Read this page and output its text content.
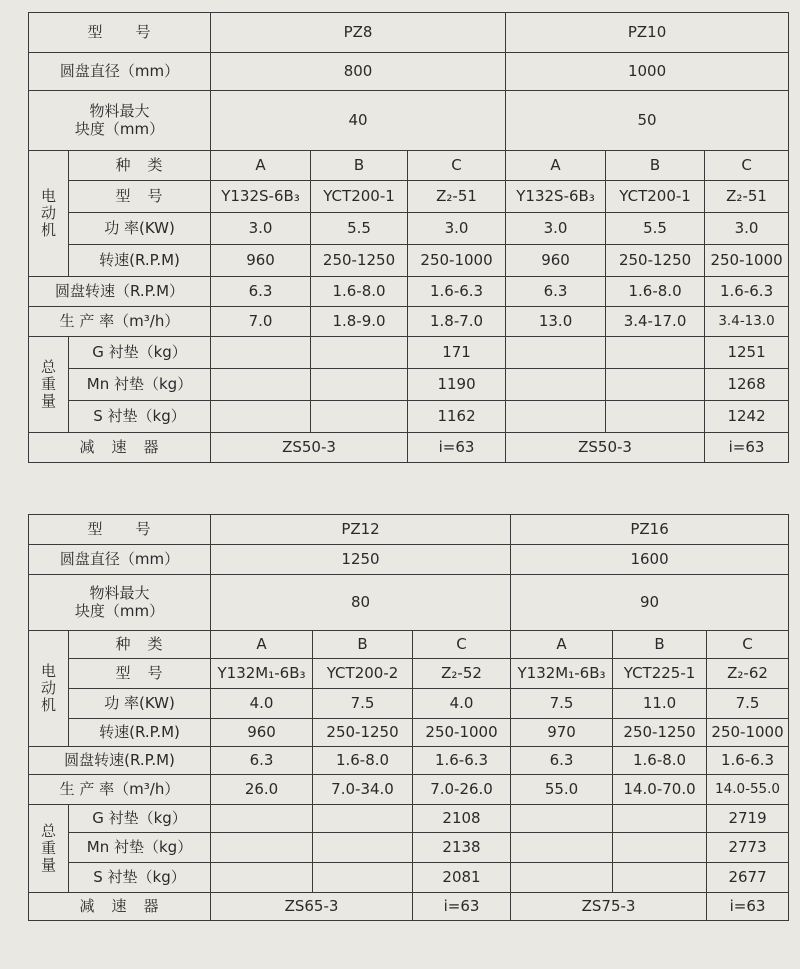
型　　号		PZ8			PZ10		
圆盘直径（mm）		800			1000		
物料最大
块度（mm）		40			50		

电
动
机	种　类	A	B	C	A	B	C
	型　号	Y132S-6B₃	YCT200-1	Z₂-51	Y132S-6B₃	YCT200-1	Z₂-51
	功 率(KW)	3.0	5.5	3.0	3.0	5.5	3.0
	转速(R.P.M)	960	250-1250	250-1000	960	250-1250	250-1000
圆盘转速（R.P.M）		6.3	1.6-8.0	1.6-6.3	6.3	1.6-8.0	1.6-6.3
生 产 率（m³/h）		7.0	1.8-9.0	1.8-7.0	13.0	3.4-17.0	3.4-13.0

总
重
量	G 衬垫（kg）			171			1251
	Mn 衬垫（kg）			1190			1268
	S 衬垫（kg）			1162			1242
减　速　器		ZS50-3		i=63	ZS50-3		i=63
型　　号		PZ12			PZ16		
圆盘直径（mm）		1250			1600		
物料最大
块度（mm）		80			90		

电
动
机	种　类	A	B	C	A	B	C
	型　号	Y132M₁-6B₃	YCT200-2	Z₂-52	Y132M₁-6B₃	YCT225-1	Z₂-62
	功 率(KW)	4.0	7.5	4.0	7.5	11.0	7.5
	转速(R.P.M)	960	250-1250	250-1000	970	250-1250	250-1000
圆盘转速(R.P.M)		6.3	1.6-8.0	1.6-6.3	6.3	1.6-8.0	1.6-6.3
生 产 率（m³/h）		26.0	7.0-34.0	7.0-26.0	55.0	14.0-70.0	14.0-55.0

总
重
量	G 衬垫（kg）			2108			2719
	Mn 衬垫（kg）			2138			2773
	S 衬垫（kg）			2081			2677
减　速　器		ZS65-3		i=63	ZS75-3		i=63
